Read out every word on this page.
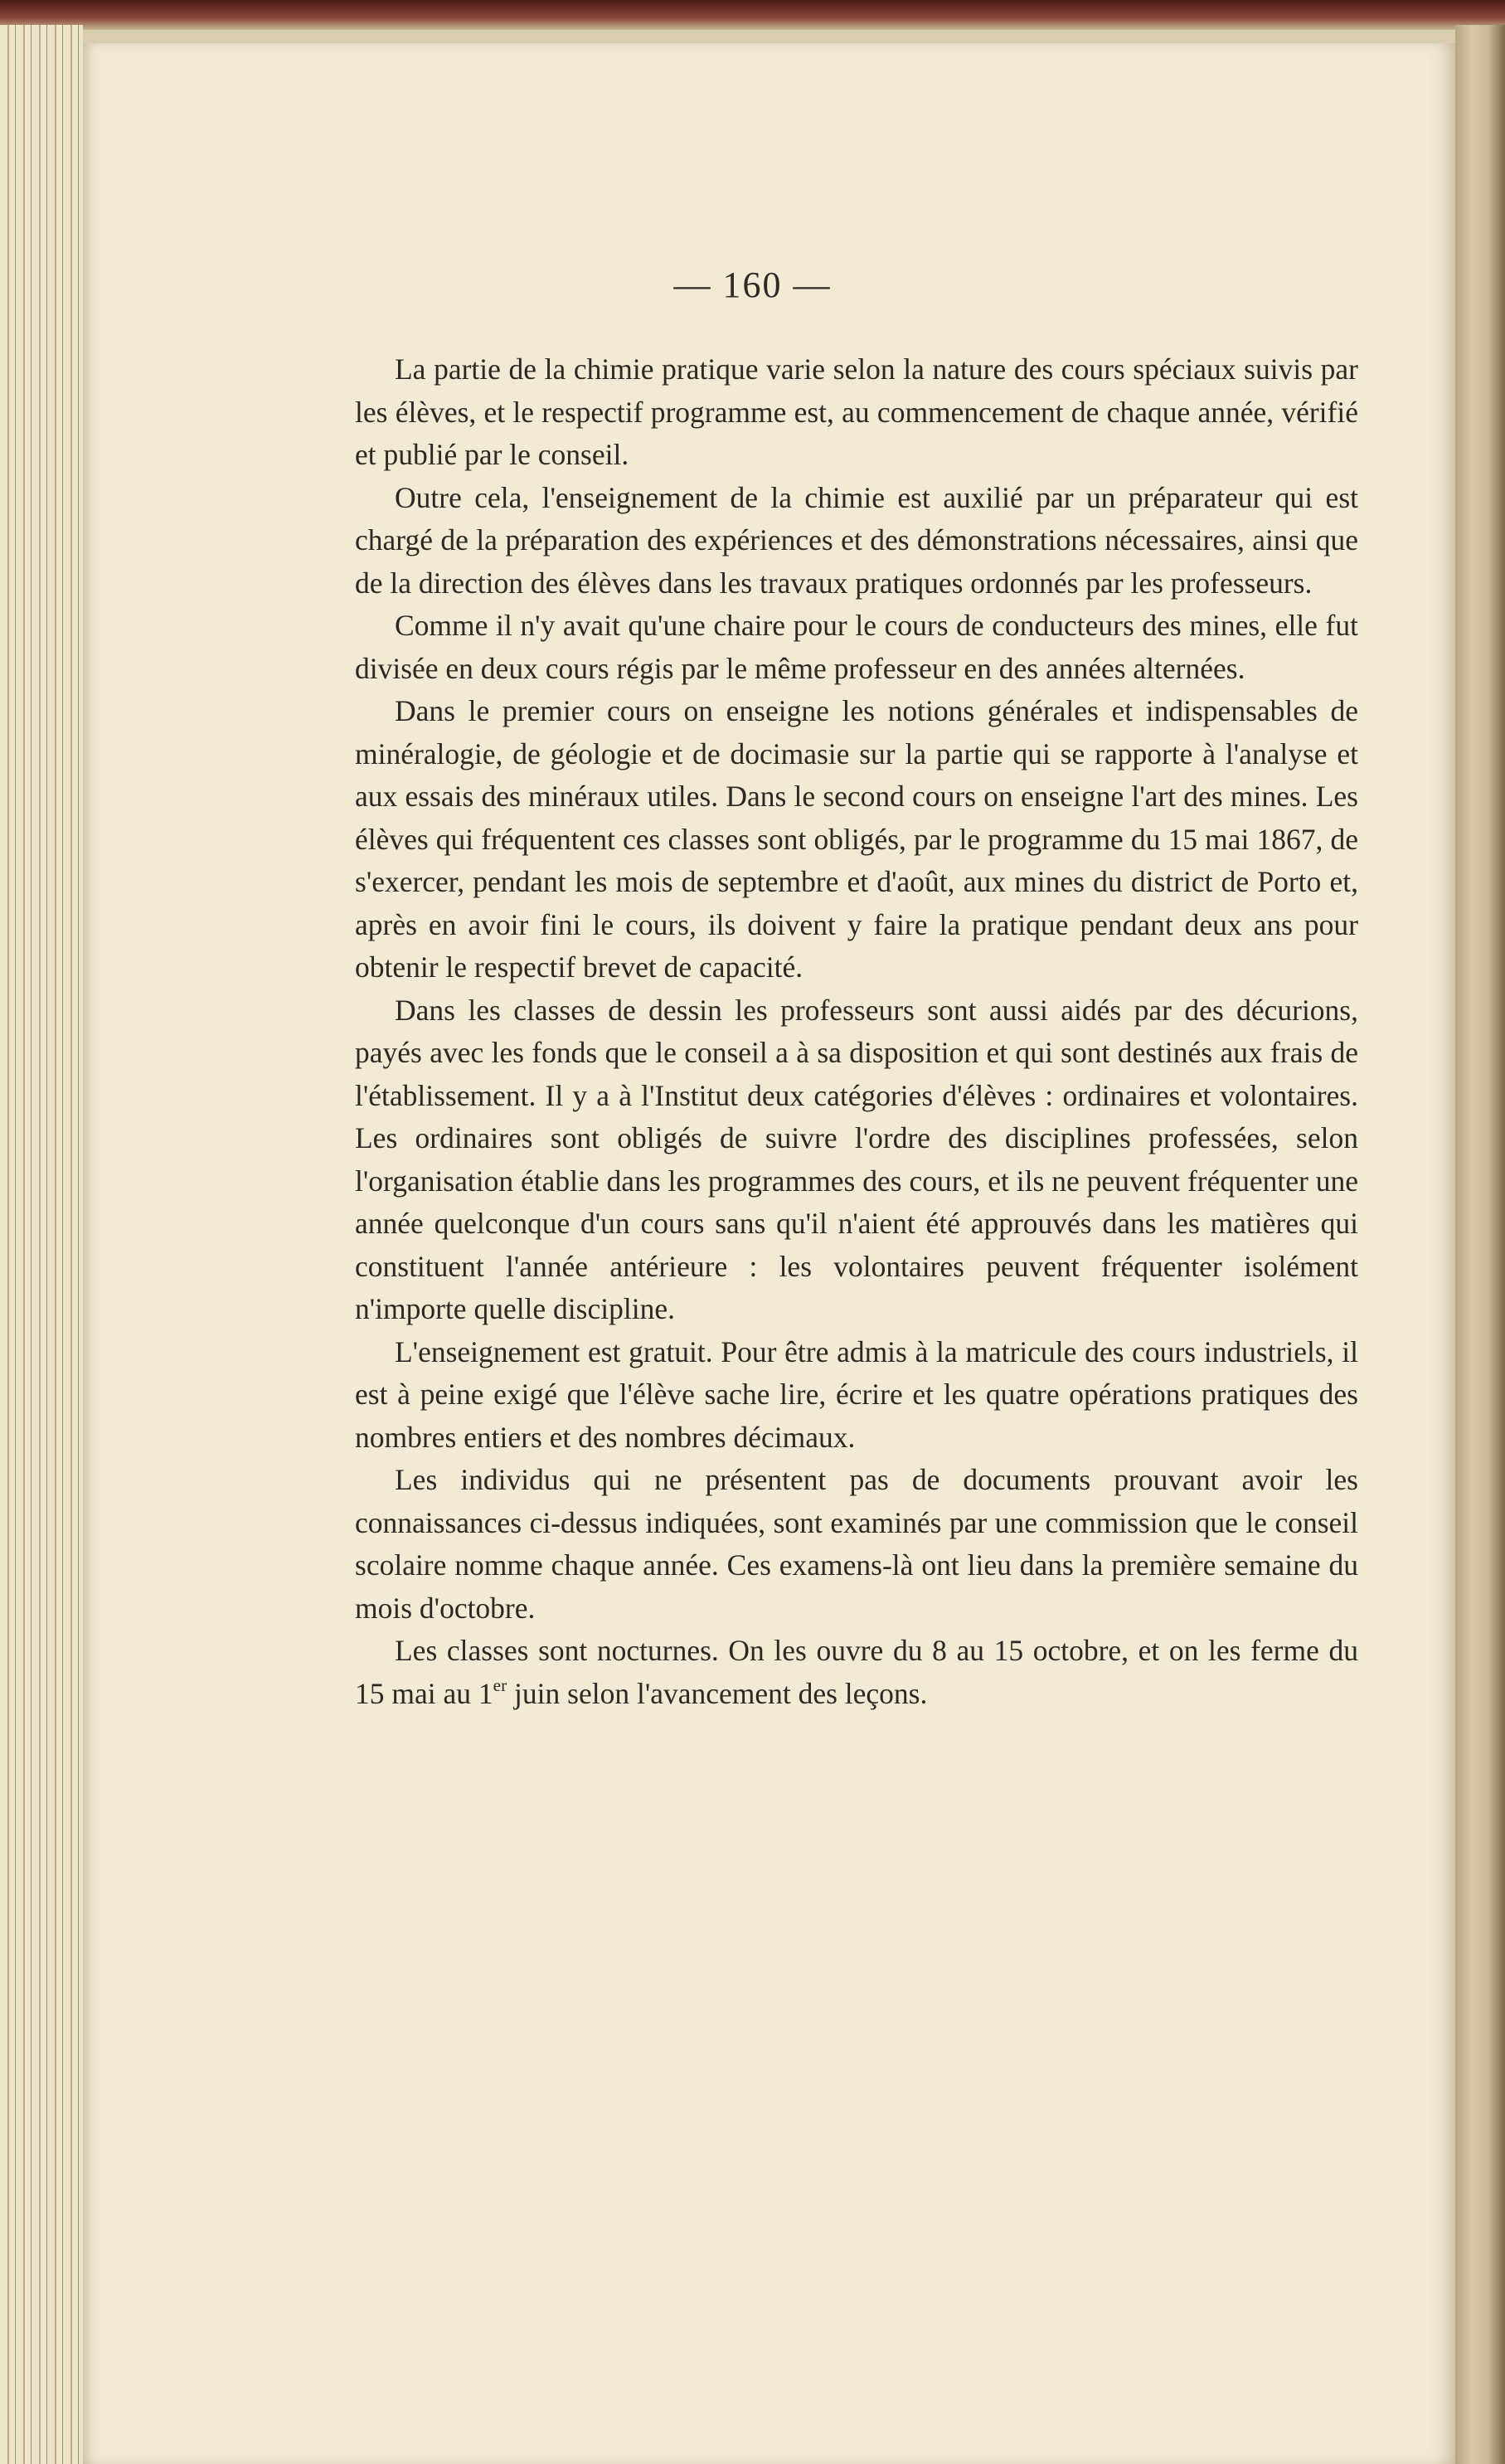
— 160 —

La partie de la chimie pratique varie selon la nature des cours spéciaux suivis par les élèves, et le respectif programme est, au commencement de chaque année, vérifié et publié par le conseil.

Outre cela, l'enseignement de la chimie est auxilié par un préparateur qui est chargé de la préparation des expériences et des démonstrations nécessaires, ainsi que de la direction des élèves dans les travaux pratiques ordonnés par les professeurs.

Comme il n'y avait qu'une chaire pour le cours de conducteurs des mines, elle fut divisée en deux cours régis par le même professeur en des années alternées.

Dans le premier cours on enseigne les notions générales et indispensables de minéralogie, de géologie et de docimasie sur la partie qui se rapporte à l'analyse et aux essais des minéraux utiles. Dans le second cours on enseigne l'art des mines. Les élèves qui fréquentent ces classes sont obligés, par le programme du 15 mai 1867, de s'exercer, pendant les mois de septembre et d'août, aux mines du district de Porto et, après en avoir fini le cours, ils doivent y faire la pratique pendant deux ans pour obtenir le respectif brevet de capacité.

Dans les classes de dessin les professeurs sont aussi aidés par des décurions, payés avec les fonds que le conseil a à sa disposition et qui sont destinés aux frais de l'établissement. Il y a à l'Institut deux catégories d'élèves : ordinaires et volontaires. Les ordinaires sont obligés de suivre l'ordre des disciplines professées, selon l'organisation établie dans les programmes des cours, et ils ne peuvent fréquenter une année quelconque d'un cours sans qu'il n'aient été approuvés dans les matières qui constituent l'année antérieure : les volontaires peuvent fréquenter isolément n'importe quelle discipline.

L'enseignement est gratuit. Pour être admis à la matricule des cours industriels, il est à peine exigé que l'élève sache lire, écrire et les quatre opérations pratiques des nombres entiers et des nombres décimaux.

Les individus qui ne présentent pas de documents prouvant avoir les connaissances ci-dessus indiquées, sont examinés par une commission que le conseil scolaire nomme chaque année. Ces examens-là ont lieu dans la première semaine du mois d'octobre.

Les classes sont nocturnes. On les ouvre du 8 au 15 octobre, et on les ferme du 15 mai au 1er juin selon l'avancement des leçons.
